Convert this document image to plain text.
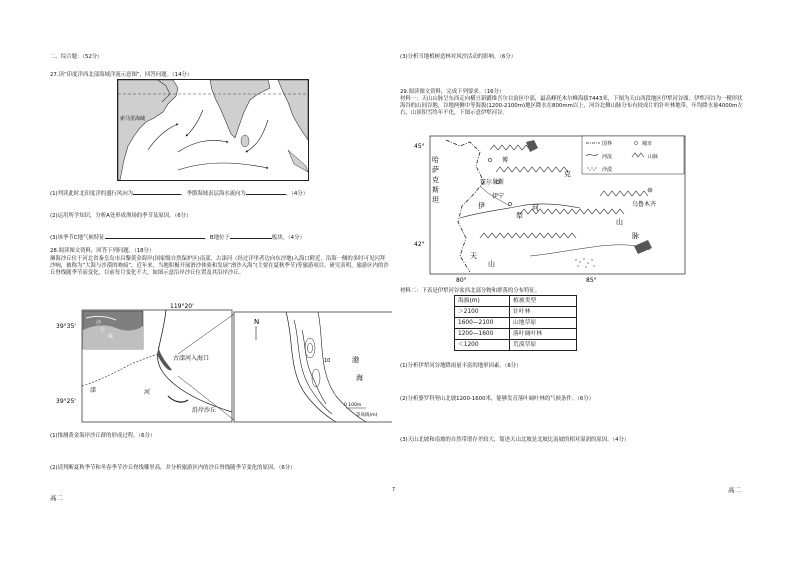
二、综合题：（52分）
27.读“印度洋西北部海域洋流示意图”，回答问题。（14分）
索马里海域
(1)判读此时北印度洋的盛行风向为	，季節海域表层海水流向为	。（4分）
(2)运用所学知识，分析A处形成渔场的季节及原因。（6分）
(3)该季节C地气候特征	。B地位于	板块。（4分）
28.阅读图文资料，回答下列问题。（18分）
濒海沙丘位于河北省秦皇岛市昌黎黄金海岸(国家级自然保护区)南部，古滦河（经过洋里者边向东沙地)入海口附近，沿海一侧的多时可见闪拜沙响，被称为“大海与沙漠的吻痕”。近年来，当地积极开展滑沙体验和发展“滑沙入海”(主要在夏秋季节)等旅游项目。研究表明，旅游区内的沙丘脊线随季节而变化，目前每月变化不大。如图示意沿岸沙丘位置及其沿岸沙丘。
119°20'
39°35'
39°25'
沙
丘
线
滦	河
古滦河入海口
沿岸沙丘
N
10	渤
海
0 100m
等高线(m)
(1)推测黄金海岸沙丘群的形成过程。（6分）
(2)请判断夏秋季节和冬春季节沙丘脊线哪里高，并分析旅游区内的沙丘脊线随季节变化的原因。（6分）
高二
7
(3)分析当地植树造林对风沙活动的影响。（6分）
29.阅读图文资料，完成下列要求。（16分）
材料一：天山山脉呈东西走向横亘新疆维吾尔自治区中部，最高峰托木尔峰海拔7443米，下图为天山西段地区伊犁河谷图。伊犁河谷为一楔形状海谷的山间谷地，谷地两侧中等海拔(1200-2100m)地区降水在800mm以上，河谷北侧山脉分布有较成片的针叶林地带，年均降水量4000m左右，山顶积雪终年不化，下图示意伊犁河谷。
45°
42°
80°	85°
哈
萨
克
斯
坦
博
霍尔果斯
伊宁
伊
犁
河
克
天
山
乌鲁木齐
山
脉
国界	城市
河流	山脉
沙漠
材料二：下表是伊犁河谷盆西北部分物和群落的分布特征。
海拔(m)	植被类型
＞2100	针叶林
1600—2100	山地草原
1200—1600	落叶阔叶林
＜1200	荒漠草原
(1)分析伊犁河谷地降雨量丰富的地形因素。（6分）
(2)分析婆罗科努山北坡1200-1600米，能够发育落叶阔叶林的气候条件。（6分）
(3)天山北坡和南坡的自然带谱存差较大，简述天山北坡是北坡比南坡的相对湿润的原因。（4分）
高二
